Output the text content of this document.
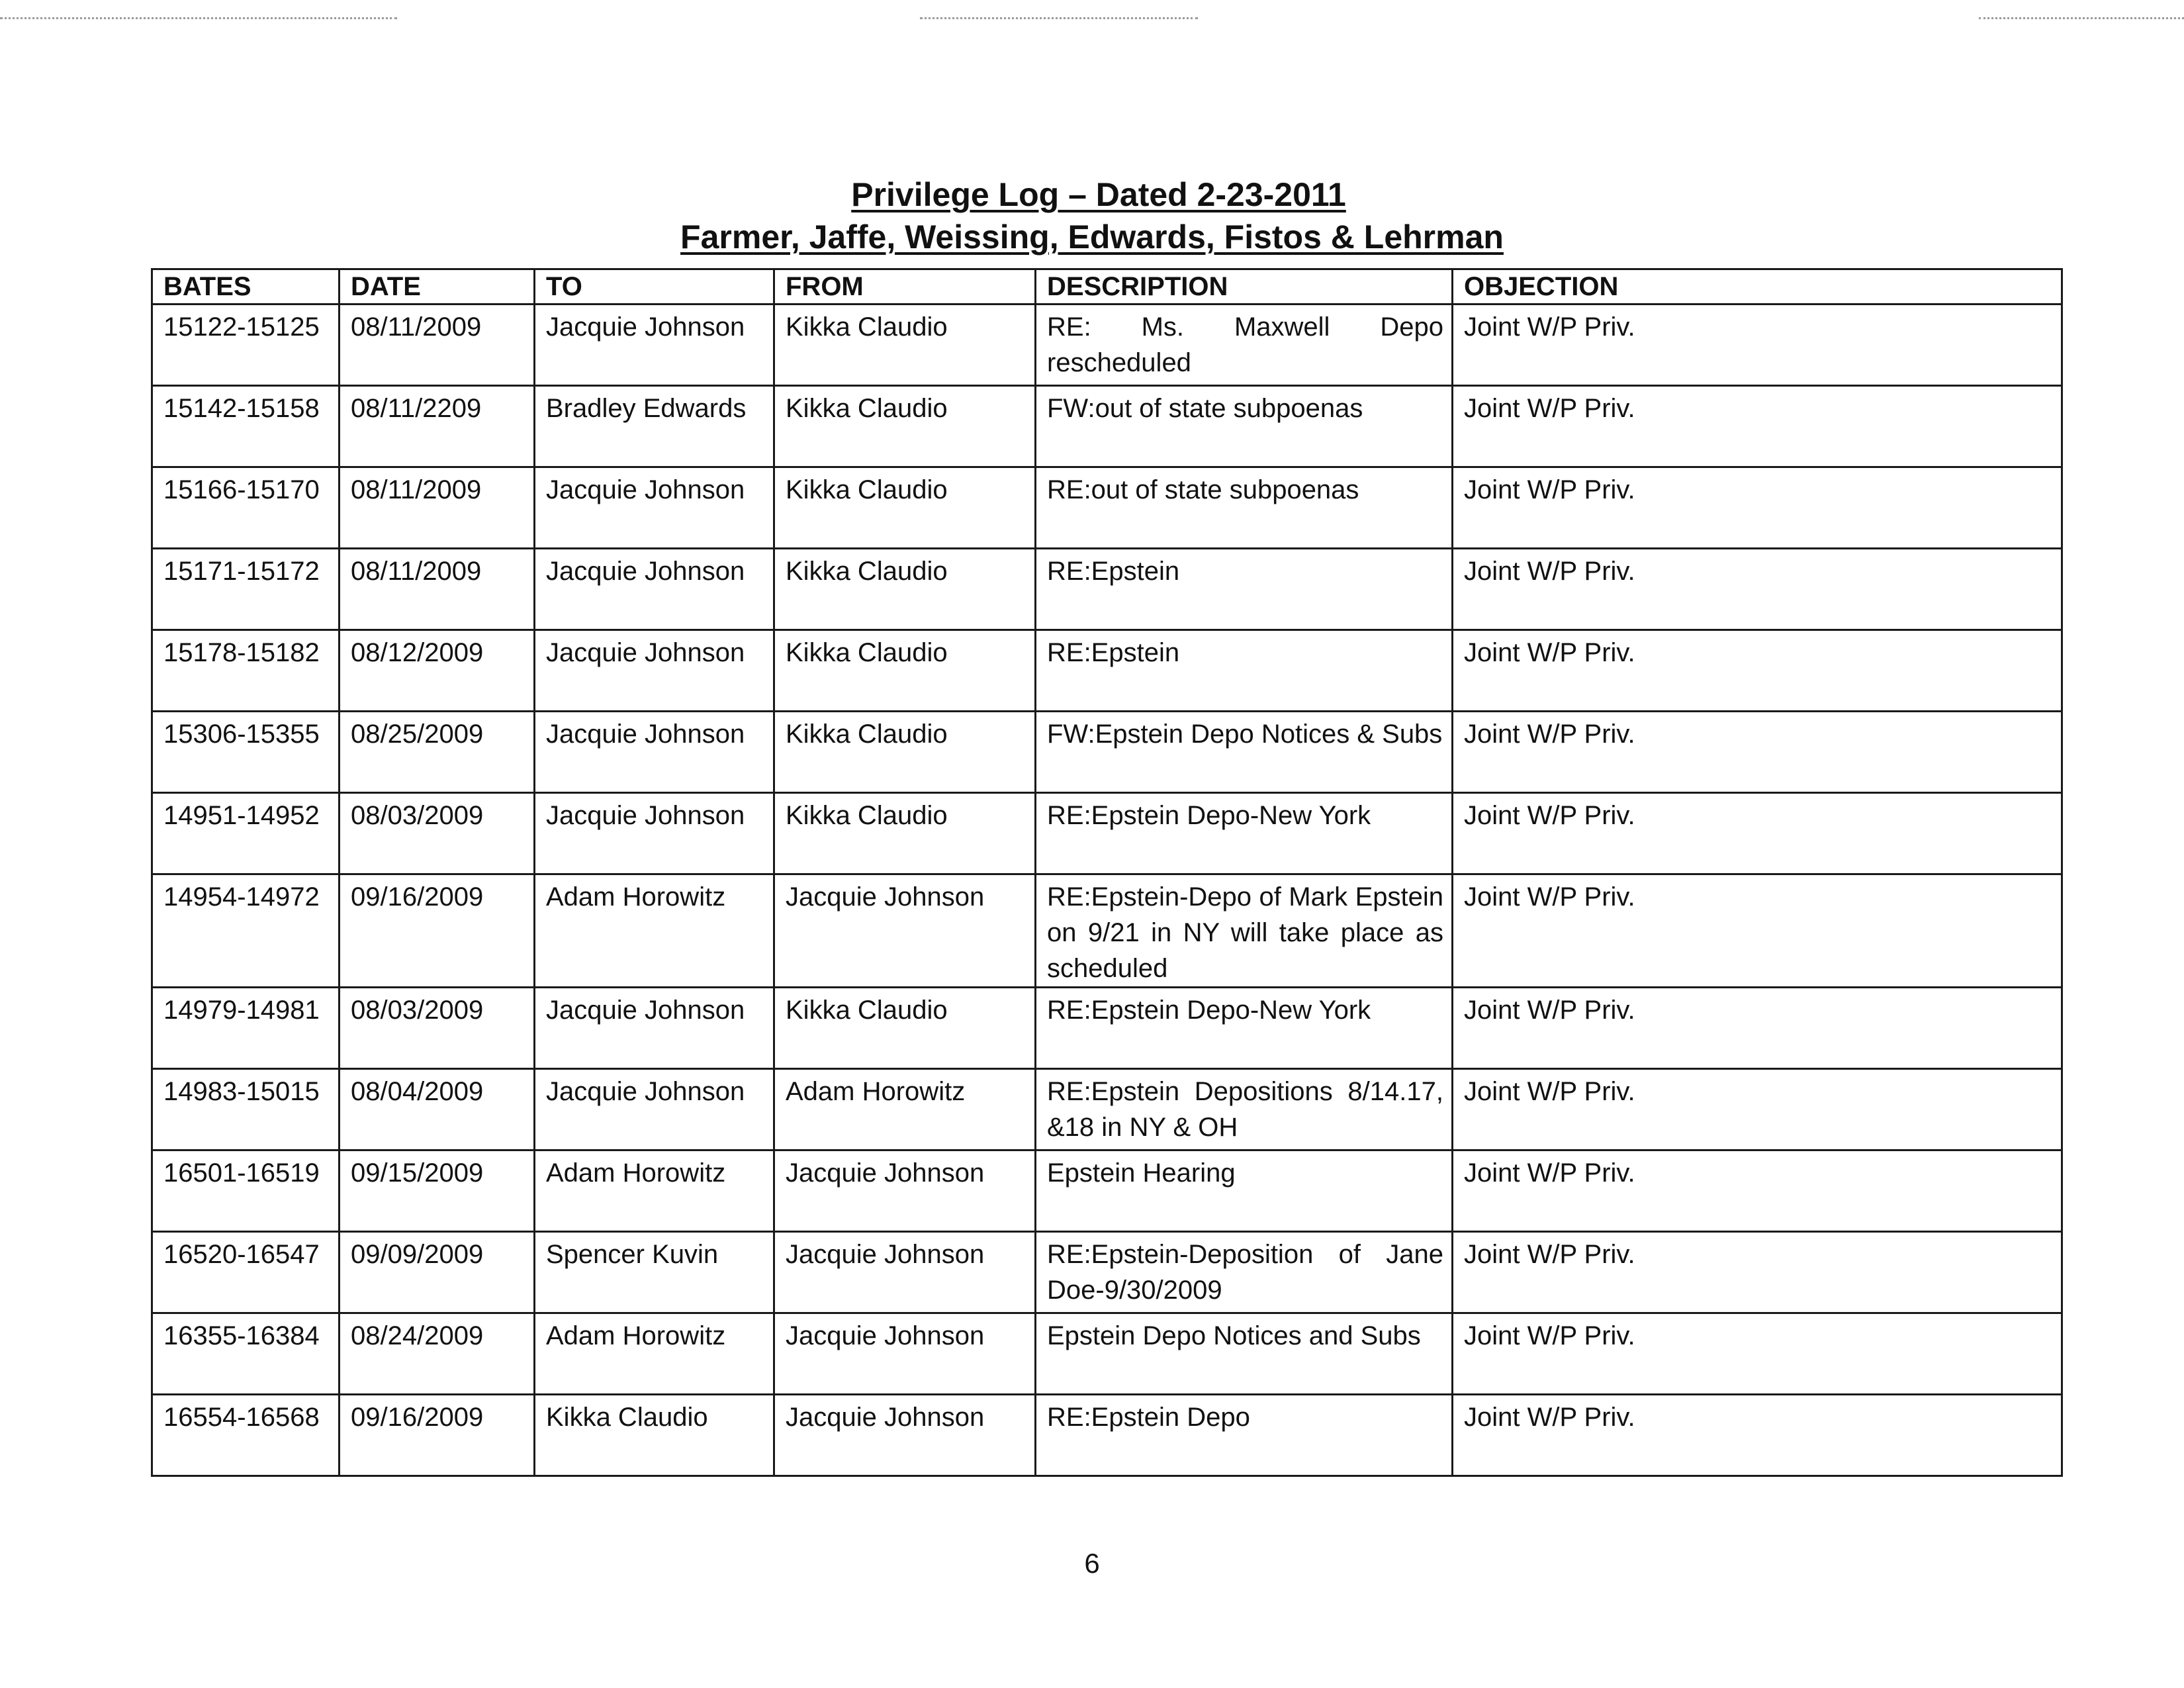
Privilege Log – Dated 2-23-2011
Farmer, Jaffe, Weissing, Edwards, Fistos & Lehrman
BATES	DATE	TO	FROM	DESCRIPTION	OBJECTION
15122-15125	08/11/2009	Jacquie Johnson	Kikka Claudio	RE: Ms. Maxwell Depo rescheduled	Joint W/P Priv.
15142-15158	08/11/2209	Bradley Edwards	Kikka Claudio	FW:out of state subpoenas	Joint W/P Priv.
15166-15170	08/11/2009	Jacquie Johnson	Kikka Claudio	RE:out of state subpoenas	Joint W/P Priv.
15171-15172	08/11/2009	Jacquie Johnson	Kikka Claudio	RE:Epstein	Joint W/P Priv.
15178-15182	08/12/2009	Jacquie Johnson	Kikka Claudio	RE:Epstein	Joint W/P Priv.
15306-15355	08/25/2009	Jacquie Johnson	Kikka Claudio	FW:Epstein Depo Notices & Subs	Joint W/P Priv.
14951-14952	08/03/2009	Jacquie Johnson	Kikka Claudio	RE:Epstein Depo-New York	Joint W/P Priv.
14954-14972	09/16/2009	Adam Horowitz	Jacquie Johnson	RE:Epstein-Depo of Mark Epstein on 9/21 in NY will take place as scheduled	Joint W/P Priv.
14979-14981	08/03/2009	Jacquie Johnson	Kikka Claudio	RE:Epstein Depo-New York	Joint W/P Priv.
14983-15015	08/04/2009	Jacquie Johnson	Adam Horowitz	RE:Epstein Depositions 8/14.17, &18 in NY & OH	Joint W/P Priv.
16501-16519	09/15/2009	Adam Horowitz	Jacquie Johnson	Epstein Hearing	Joint W/P Priv.
16520-16547	09/09/2009	Spencer Kuvin	Jacquie Johnson	RE:Epstein-Deposition of Jane Doe-9/30/2009	Joint W/P Priv.
16355-16384	08/24/2009	Adam Horowitz	Jacquie Johnson	Epstein Depo Notices and Subs	Joint W/P Priv.
16554-16568	09/16/2009	Kikka Claudio	Jacquie Johnson	RE:Epstein Depo	Joint W/P Priv.
6
